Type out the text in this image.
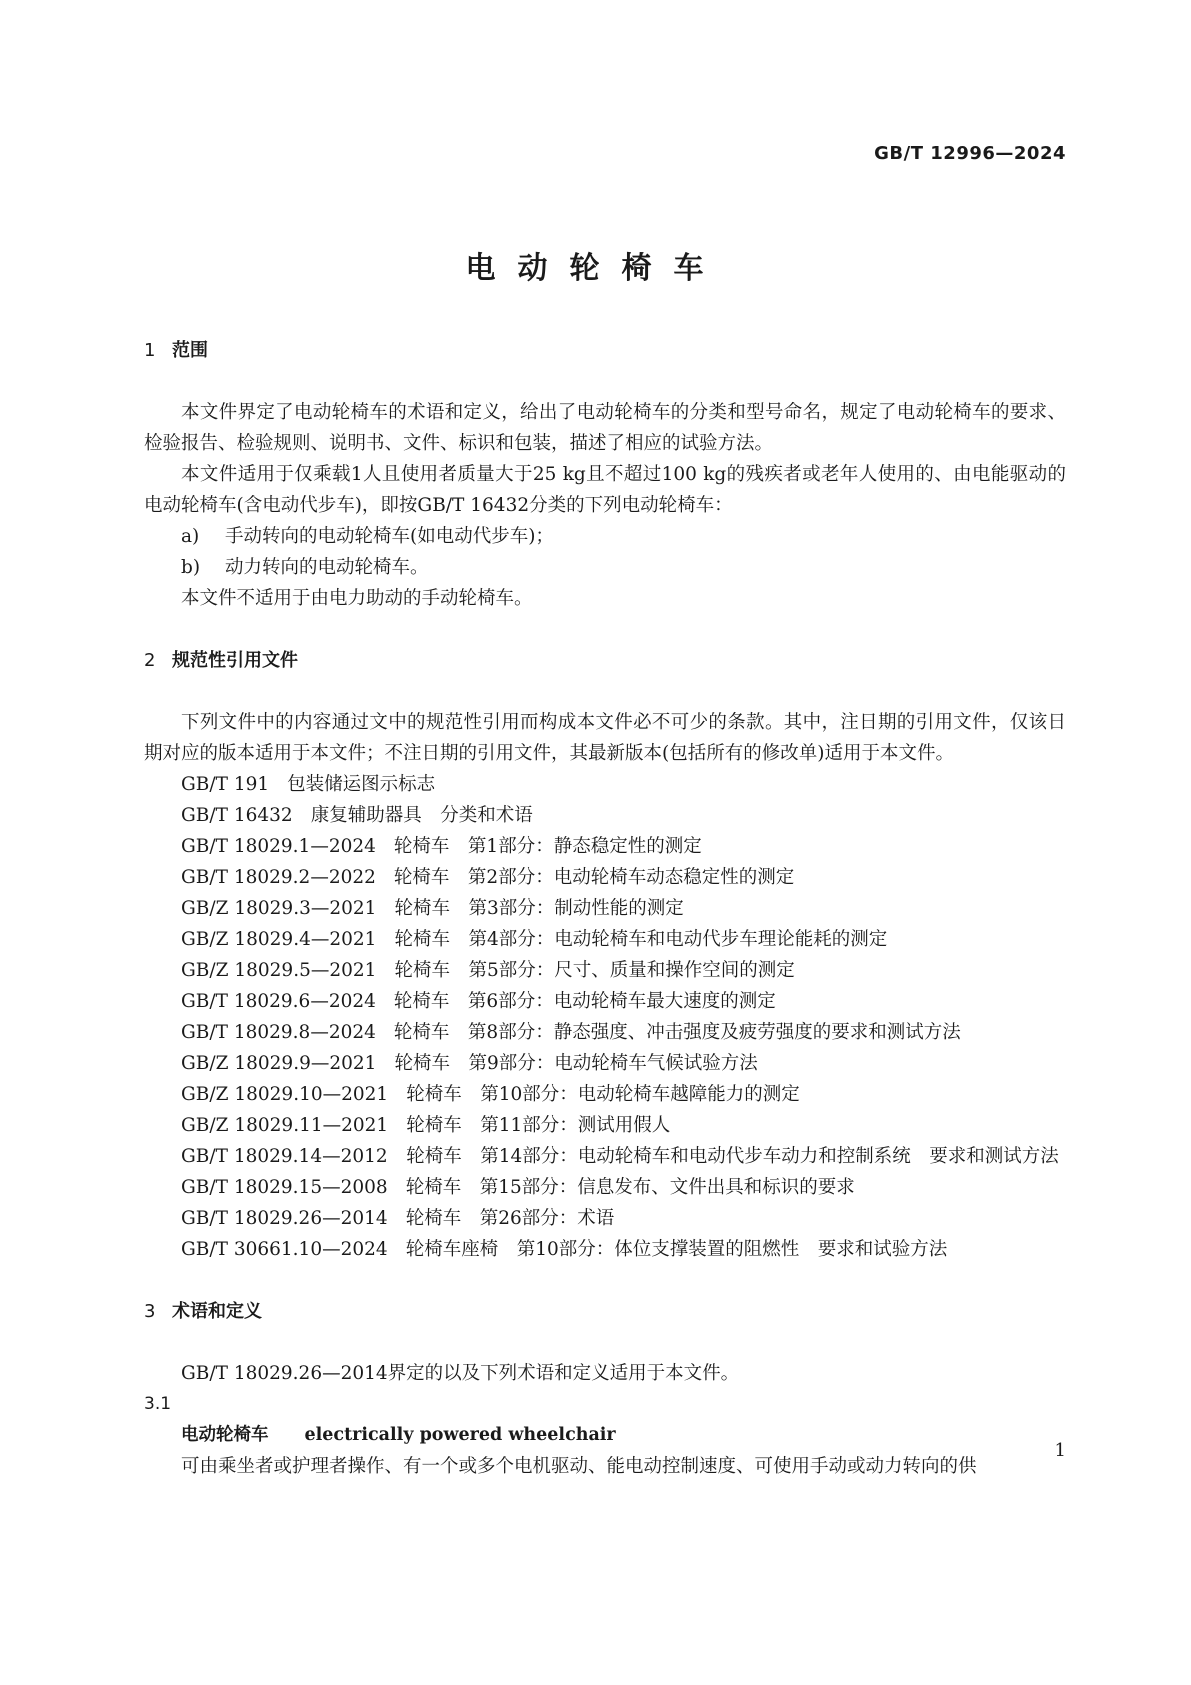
GB/T 12996—2024
电动轮椅车
1 范围

本文件界定了电动轮椅车的术语和定义，给出了电动轮椅车的分类和型号命名，规定了电动轮椅车的要求、检验报告、检验规则、说明书、文件、标识和包装，描述了相应的试验方法。

本文件适用于仅乘载1人且使用者质量大于25 kg且不超过100 kg的残疾者或老年人使用的、由电能驱动的电动轮椅车(含电动代步车)，即按GB/T 16432分类的下列电动轮椅车：

a) 手动转向的电动轮椅车(如电动代步车)；
b) 动力转向的电动轮椅车。

本文件不适用于由电力助动的手动轮椅车。

2 规范性引用文件

下列文件中的内容通过文中的规范性引用而构成本文件必不可少的条款。其中，注日期的引用文件，仅该日期对应的版本适用于本文件；不注日期的引用文件，其最新版本(包括所有的修改单)适用于本文件。

GB/T 191 包装储运图示标志
GB/T 16432 康复辅助器具　分类和术语
GB/T 18029.1—2024 轮椅车　第1部分：静态稳定性的测定
GB/T 18029.2—2022 轮椅车　第2部分：电动轮椅车动态稳定性的测定
GB/Z 18029.3—2021 轮椅车　第3部分：制动性能的测定
GB/Z 18029.4—2021 轮椅车　第4部分：电动轮椅车和电动代步车理论能耗的测定
GB/Z 18029.5—2021 轮椅车　第5部分：尺寸、质量和操作空间的测定
GB/T 18029.6—2024 轮椅车　第6部分：电动轮椅车最大速度的测定
GB/T 18029.8—2024 轮椅车　第8部分：静态强度、冲击强度及疲劳强度的要求和测试方法
GB/Z 18029.9—2021 轮椅车　第9部分：电动轮椅车气候试验方法
GB/Z 18029.10—2021 轮椅车　第10部分：电动轮椅车越障能力的测定
GB/Z 18029.11—2021 轮椅车　第11部分：测试用假人

GB/T 18029.14—2012　 轮椅车　第14部分：电动轮椅车和电动代步车动力和控制系统　要求和测试方法

GB/T 18029.15—2008 轮椅车　第15部分：信息发布、文件出具和标识的要求
GB/T 18029.26—2014 轮椅车　第26部分：术语
GB/T 30661.10—2024 轮椅车座椅　第10部分：体位支撑装置的阻燃性　要求和试验方法
3 术语和定义

GB/T 18029.26—2014界定的以及下列术语和定义适用于本文件。

3.1
电动轮椅车 electrically powered wheelchair

可由乘坐者或护理者操作、有一个或多个电机驱动、能电动控制速度、可使用手动或动力转向的供

1
